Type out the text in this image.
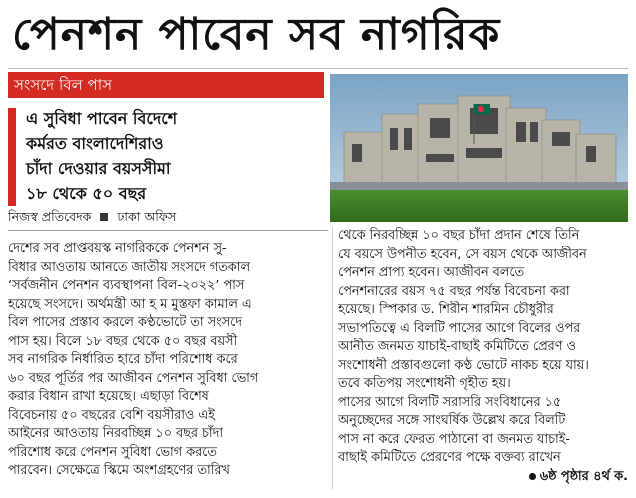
পেনশন পাবেন সব নাগরিক
সংসদে বিল পাস
এ সুবিধা পাবেন বিদেশে
কর্মরত বাংলাদেশিরাও
চাঁদা দেওয়ার বয়সসীমা
১৮ থেকে ৫০ বছর
নিজস্ব প্রতিবেদক ঢাকা অফিস
দেশের সব প্রাপ্তবয়স্ক নাগরিককে পেনশন সু-
বিধার আওতায় আনতে জাতীয় সংসদে গতকাল
‘সর্বজনীন পেনশন ব্যবস্থাপনা বিল-২০২২’ পাস
হয়েছে সংসদে। অর্থমন্ত্রী আ হ ম মুস্তফা কামাল এ
বিল পাসের প্রস্তাব করলে কণ্ঠভোটে তা সংসদে
পাস হয়। বিলে ১৮ বছর থেকে ৫০ বছর বয়সী
সব নাগরিক নির্ধারিত হারে চাঁদা পরিশোধ করে
৬০ বছর পূর্তির পর আজীবন পেনশন সুবিধা ভোগ
করার বিধান রাখা হয়েছে। এছাড়া বিশেষ
বিবেচনায় ৫০ বছরের বেশি বয়সীরাও এই
আইনের আওতায় নিরবচ্ছিন্ন ১০ বছর চাঁদা
পরিশোধ করে পেনশন সুবিধা ভোগ করতে
পারবেন। সেক্ষেত্রে স্কিমে অংশগ্রহণের তারিখ
থেকে নিরবচ্ছিন্ন ১০ বছর চাঁদা প্রদান শেষে তিনি
যে বয়সে উপনীত হবেন, সে বয়স থেকে আজীবন
পেনশন প্রাপ্য হবেন। আজীবন বলতে
পেনশনারের বয়স ৭৫ বছর পর্যন্ত বিবেচনা করা
হয়েছে। স্পিকার ড. শিরীন শারমিন চৌধুরীর
সভাপতিত্বে এ বিলটি পাসের আগে বিলের ওপর
আনীত জনমত যাচাই-বাছাই কমিটিতে প্রেরণ ও
সংশোধনী প্রস্তাবগুলো কণ্ঠ ভোটে নাকচ হয়ে যায়।
তবে কতিপয় সংশোধনী গৃহীত হয়।
পাসের আগে বিলটি সরাসরি সংবিধানের ১৫
অনুচ্ছেদের সঙ্গে সাংঘর্ষিক উল্লেখ করে বিলটি
পাস না করে ফেরত পাঠানো বা জনমত যাচাই-
বাছাই কমিটিতে প্রেরণের পক্ষে বক্তব্য রাখেন
৬ষ্ঠ পৃষ্ঠার ৪র্থ ক.
